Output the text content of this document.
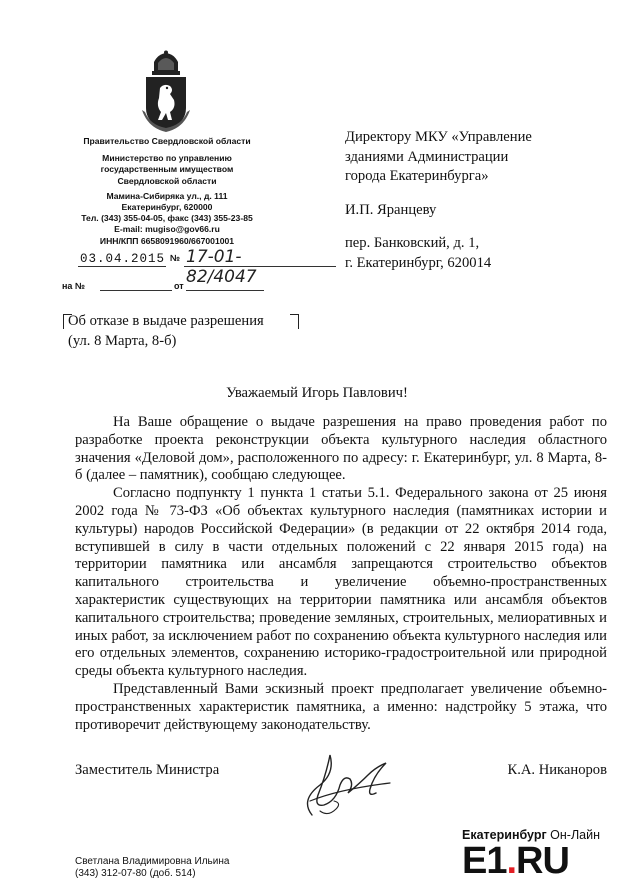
Правительство Свердловской области
Министерство по управлению
государственным имуществом
Свердловской области
Мамина-Сибиряка ул., д. 111
Екатеринбург, 620000
Тел. (343) 355-04-05, факс (343) 355-23-85
E-mail: mugiso@gov66.ru
ИНН/КПП 6658091960/667001001
03.04.2015 № 17-01-82/4047
на №	от
Директору МКУ «Управление
зданиями Администрации
города Екатеринбурга»
И.П. Яранцеву
пер. Банковский, д. 1,
г. Екатеринбург, 620014
Об отказе в выдаче разрешения
(ул. 8 Марта, 8-б)
Уважаемый Игорь Павлович!

На Ваше обращение о выдаче разрешения на право проведения работ по разработке проекта реконструкции объекта культурного наследия областного значения «Деловой дом», расположенного по адресу: г. Екатеринбург, ул. 8 Марта, 8-б (далее – памятник), сообщаю следующее.

Согласно подпункту 1 пункта 1 статьи 5.1. Федерального закона от 25 июня 2002 года № 73-ФЗ «Об объектах культурного наследия (памятниках истории и культуры) народов Российской Федерации» (в редакции от 22 октября 2014 года, вступившей в силу в части отдельных положений с 22 января 2015 года) на территории памятника или ансамбля запрещаются строительство объектов капитального строительства и увеличение объемно-пространственных характеристик существующих на территории памятника или ансамбля объектов капитального строительства; проведение земляных, строительных, мелиоративных и иных работ, за исключением работ по сохранению объекта культурного наследия или его отдельных элементов, сохранению историко-градостроительной или природной среды объекта культурного наследия.

Представленный Вами эскизный проект предполагает увеличение объемно-пространственных характеристик памятника, а именно: надстройку 5 этажа, что противоречит действующему законодательству.

Заместитель Министра	К.А. Никаноров
Светлана Владимировна Ильина
(343) 312-07-80 (доб. 514)
Екатеринбург Он-Лайн
E1.RU
